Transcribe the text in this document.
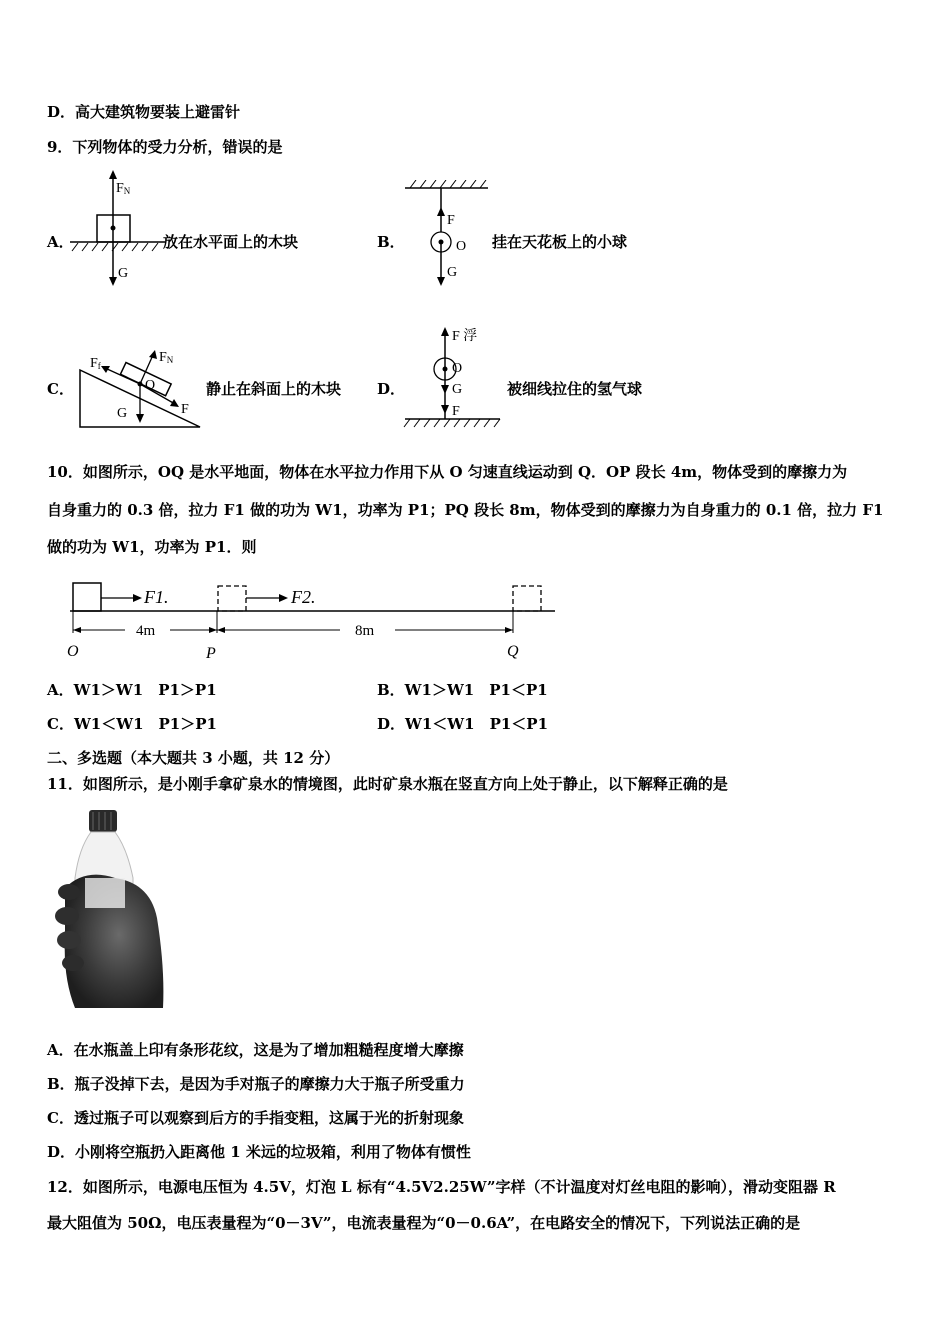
D．高大建筑物要装上避雷针
9．下列物体的受力分析，错误的是
A．
FN
G
放在水平面上的木块	B．
F
O
G
挂在天花板上的小球
C．
Ff
FN
O
G	F
静止在斜面上的木块 D．
F 浮
O
G
F
被细线拉住的氢气球
10．如图所示，OQ 是水平地面，物体在水平拉力作用下从 O 匀速直线运动到 Q．OP 段长 4m，物体受到的摩擦力为
自身重力的 0.3 倍，拉力 F1 做的功为 W1，功率为 P1；PQ 段长 8m，物体受到的摩擦力为自身重力的 0.1 倍，拉力 F1
做的功为 W1，功率为 P1．则
F1.	F2.
4m	8m
O	P	Q
A．W1＞W1　P1＞P1	B．W1＞W1　P1＜P1
C．W1＜W1　P1＞P1	D．W1＜W1　P1＜P1
二、多选题（本大题共 3 小题，共 12 分）
11．如图所示，是小刚手拿矿泉水的情境图，此时矿泉水瓶在竖直方向上处于静止，以下解释正确的是
A．在水瓶盖上印有条形花纹，这是为了增加粗糙程度增大摩擦
B．瓶子没掉下去，是因为手对瓶子的摩擦力大于瓶子所受重力
C．透过瓶子可以观察到后方的手指变粗，这属于光的折射现象
D．小刚将空瓶扔入距离他 1 米远的垃圾箱，利用了物体有惯性
12．如图所示，电源电压恒为 4.5V，灯泡 L 标有“4.5V2.25W”字样（不计温度对灯丝电阻的影响），滑动变阻器 R
最大阻值为 50Ω，电压表量程为“0－3V”，电流表量程为“0－0.6A”，在电路安全的情况下，下列说法正确的是
